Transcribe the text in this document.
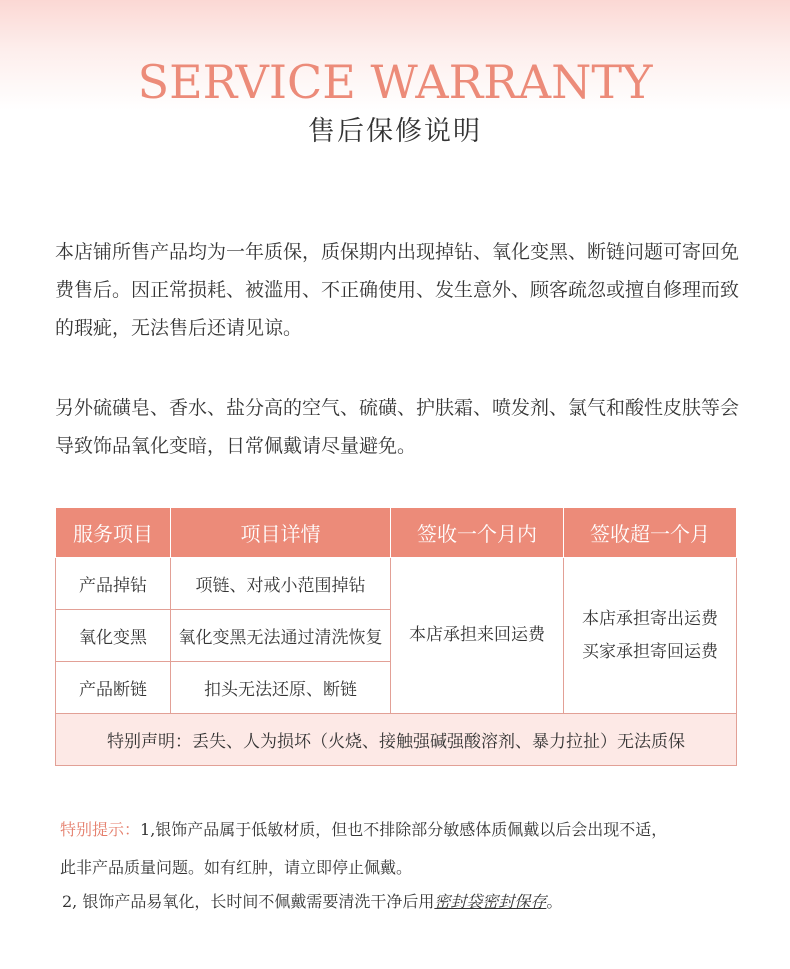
SERVICE WARRANTY
售后保修说明

本店铺所售产品均为一年质保，质保期内出现掉钻、氧化变黑、断链问题可寄回免费售后。因正常损耗、被滥用、不正确使用、发生意外、顾客疏忽或擅自修理而致的瑕疵，无法售后还请见谅。

另外硫磺皂、香水、盐分高的空气、硫磺、护肤霜、喷发剂、氯气和酸性皮肤等会导致饰品氧化变暗，日常佩戴请尽量避免。

服务项目	项目详情	签收一个月内	签收超一个月
产品掉钻	项链、对戒小范围掉钻	本店承担来回运费	本店承担寄出运费
买家承担寄回运费

氧化变黑	氧化变黑无法通过清洗恢复		
产品断链	扣头无法还原、断链		
特别声明：丢失、人为损坏（火烧、接触强碱强酸溶剂、暴力拉扯）无法质保			

特别提示：1,银饰产品属于低敏材质，但也不排除部分敏感体质佩戴以后会出现不适，

此非产品质量问题。如有红肿，请立即停止佩戴。

2, 银饰产品易氧化，长时间不佩戴需要清洗干净后用密封袋密封保存。
